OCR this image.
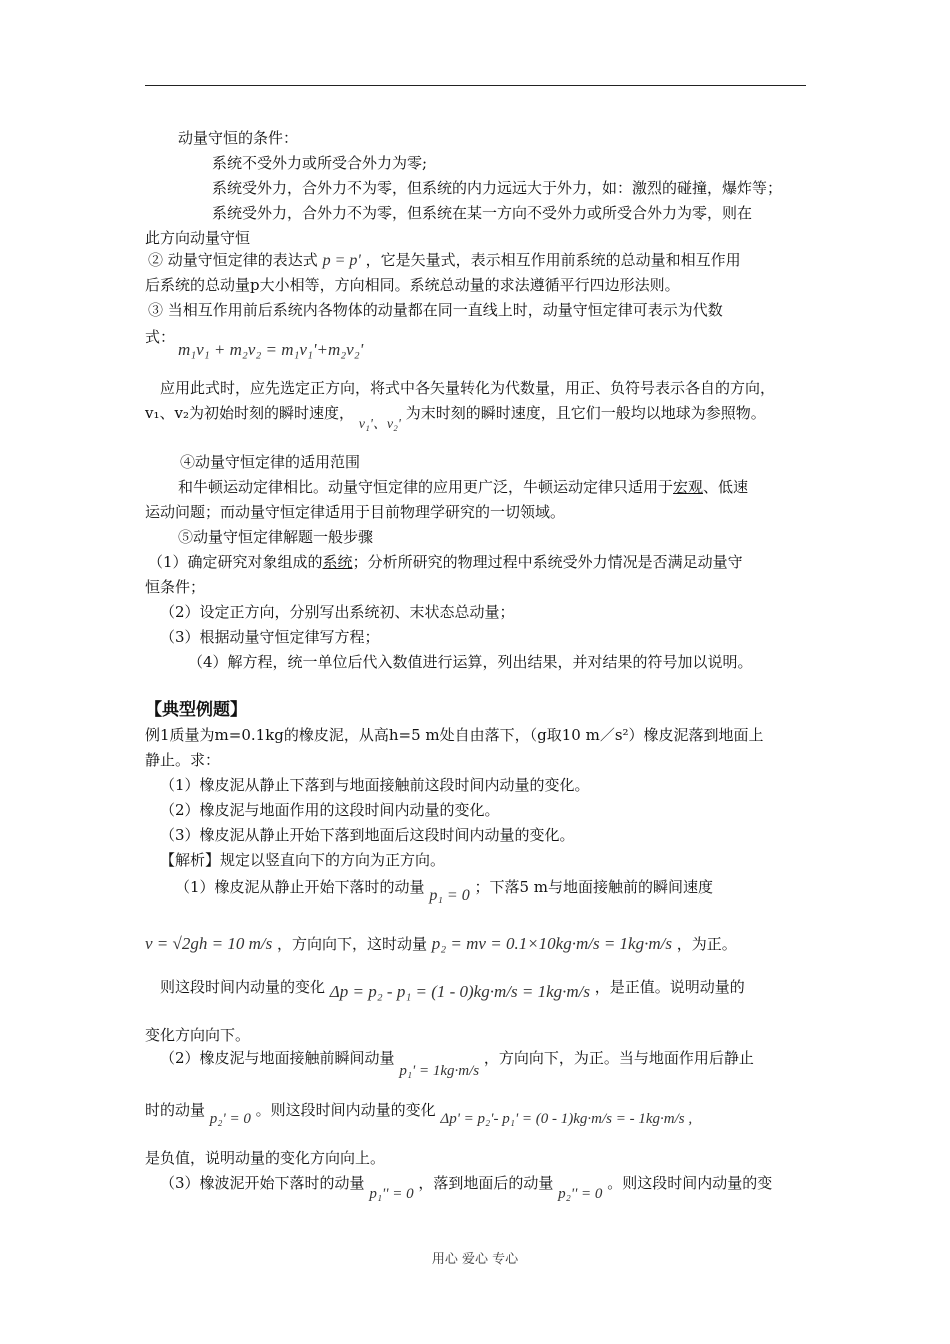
动量守恒的条件：
系统不受外力或所受合外力为零;
系统受外力，合外力不为零，但系统的内力远远大于外力，如：激烈的碰撞，爆炸等；
系统受外力，合外力不为零，但系统在某一方向不受外力或所受合外力为零，则在
此方向动量守恒
② 动量守恒定律的表达式 p = p' ，它是矢量式，表示相互作用前系统的总动量和相互作用
后系统的总动量p大小相等，方向相同。系统总动量的求法遵循平行四边形法则。
③ 当相互作用前后系统内各物体的动量都在同一直线上时，动量守恒定律可表示为代数
式：
m₁v₁ + m₂v₂ = m₁v₁'+m₂v₂'
应用此式时，应先选定正方向，将式中各矢量转化为代数量，用正、负符号表示各自的方向，
v₁、v₂为初始时刻的瞬时速度， v₁'、v₂' 为末时刻的瞬时速度，且它们一般均以地球为参照物。
④动量守恒定律的适用范围
和牛顿运动定律相比。动量守恒定律的应用更广泛，牛顿运动定律只适用于宏观、低速
运动问题；而动量守恒定律适用于目前物理学研究的一切领域。
⑤动量守恒定律解题一般步骤
（1）确定研究对象组成的系统；分析所研究的物理过程中系统受外力情况是否满足动量守
恒条件；
（2）设定正方向，分别写出系统初、末状态总动量；
（3）根据动量守恒定律写方程；
（4）解方程，统一单位后代入数值进行运算，列出结果，并对结果的符号加以说明。
【典型例题】
例1质量为m=0.1kg的橡皮泥，从高h=5 m处自由落下，（g取10 m／s²）橡皮泥落到地面上
静止。求：
（1）橡皮泥从静止下落到与地面接触前这段时间内动量的变化。
（2）橡皮泥与地面作用的这段时间内动量的变化。
（3）橡皮泥从静止开始下落到地面后这段时间内动量的变化。
【解析】规定以竖直向下的方向为正方向。
（1）橡皮泥从静止开始下落时的动量 p₁ = 0 ；下落5 m与地面接触前的瞬间速度
v = √2gh = 10 m/s ，方向向下，这时动量 p₂ = mv = 0.1×10kg·m/s = 1kg·m/s ，为正。
则这段时间内动量的变化 Δp = p₂ - p₁ = (1 - 0)kg·m/s = 1kg·m/s ，是正值。说明动量的
变化方向向下。
（2）橡皮泥与地面接触前瞬间动量 p₁' = 1kg·m/s ，方向向下，为正。当与地面作用后静止
时的动量 p₂' = 0 。则这段时间内动量的变化 Δp' = p₂'- p₁' = (0 - 1)kg·m/s = - 1kg·m/s ,
是负值，说明动量的变化方向向上。
（3）橡波泥开始下落时的动量 p₁'' = 0 ，落到地面后的动量 p₂'' = 0 。则这段时间内动量的变
用心 爱心 专心
